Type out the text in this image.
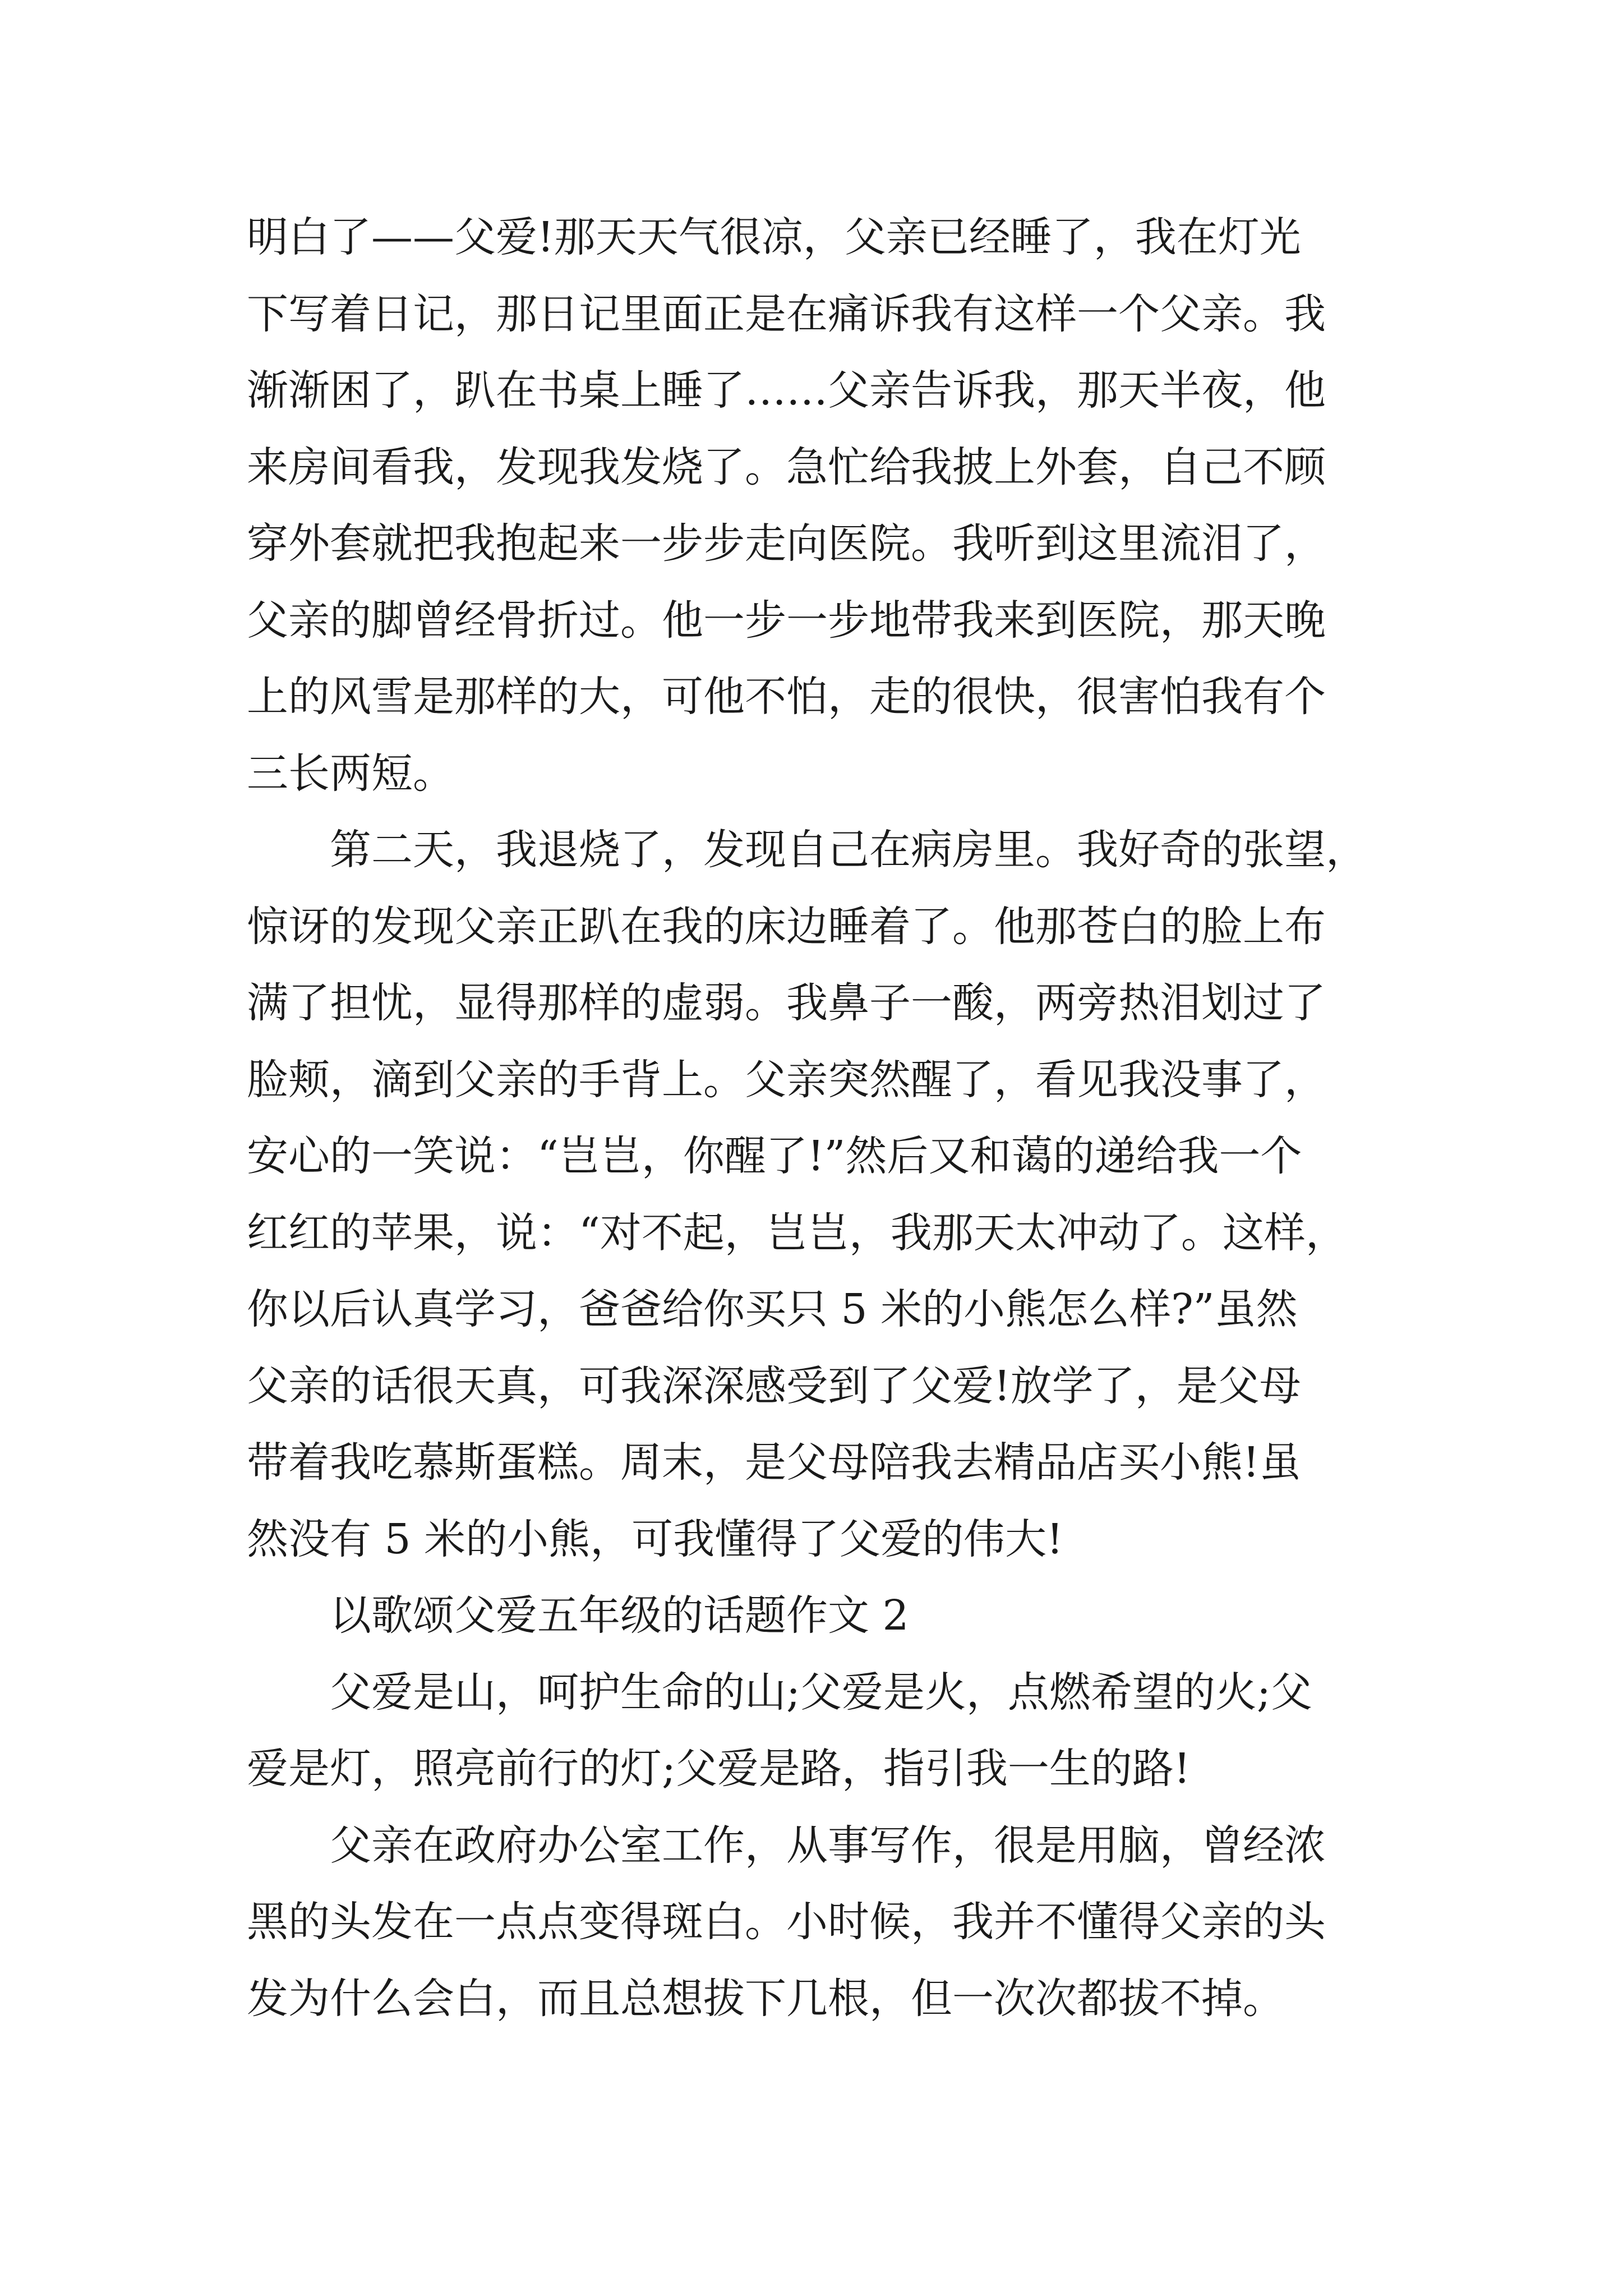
明白了——父爱!那天天气很凉，父亲已经睡了，我在灯光
下写着日记，那日记里面正是在痛诉我有这样一个父亲。我
渐渐困了，趴在书桌上睡了……父亲告诉我，那天半夜，他
来房间看我，发现我发烧了。急忙给我披上外套，自己不顾
穿外套就把我抱起来一步步走向医院。我听到这里流泪了，
父亲的脚曾经骨折过。他一步一步地带我来到医院，那天晚
上的风雪是那样的大，可他不怕，走的很快，很害怕我有个
三长两短。
第二天，我退烧了，发现自己在病房里。我好奇的张望，
惊讶的发现父亲正趴在我的床边睡着了。他那苍白的脸上布
满了担忧，显得那样的虚弱。我鼻子一酸，两旁热泪划过了
脸颊，滴到父亲的手背上。父亲突然醒了，看见我没事了，
安心的一笑说：“岂岂，你醒了!”然后又和蔼的递给我一个
红红的苹果，说：“对不起，岂岂，我那天太冲动了。这样，
你以后认真学习，爸爸给你买只 5 米的小熊怎么样?”虽然
父亲的话很天真，可我深深感受到了父爱!放学了，是父母
带着我吃慕斯蛋糕。周末，是父母陪我去精品店买小熊!虽
然没有 5 米的小熊，可我懂得了父爱的伟大!
以歌颂父爱五年级的话题作文 2
父爱是山，呵护生命的山;父爱是火，点燃希望的火;父
爱是灯，照亮前行的灯;父爱是路，指引我一生的路!
父亲在政府办公室工作，从事写作，很是用脑，曾经浓
黑的头发在一点点变得斑白。小时候，我并不懂得父亲的头
发为什么会白，而且总想拔下几根，但一次次都拔不掉。
